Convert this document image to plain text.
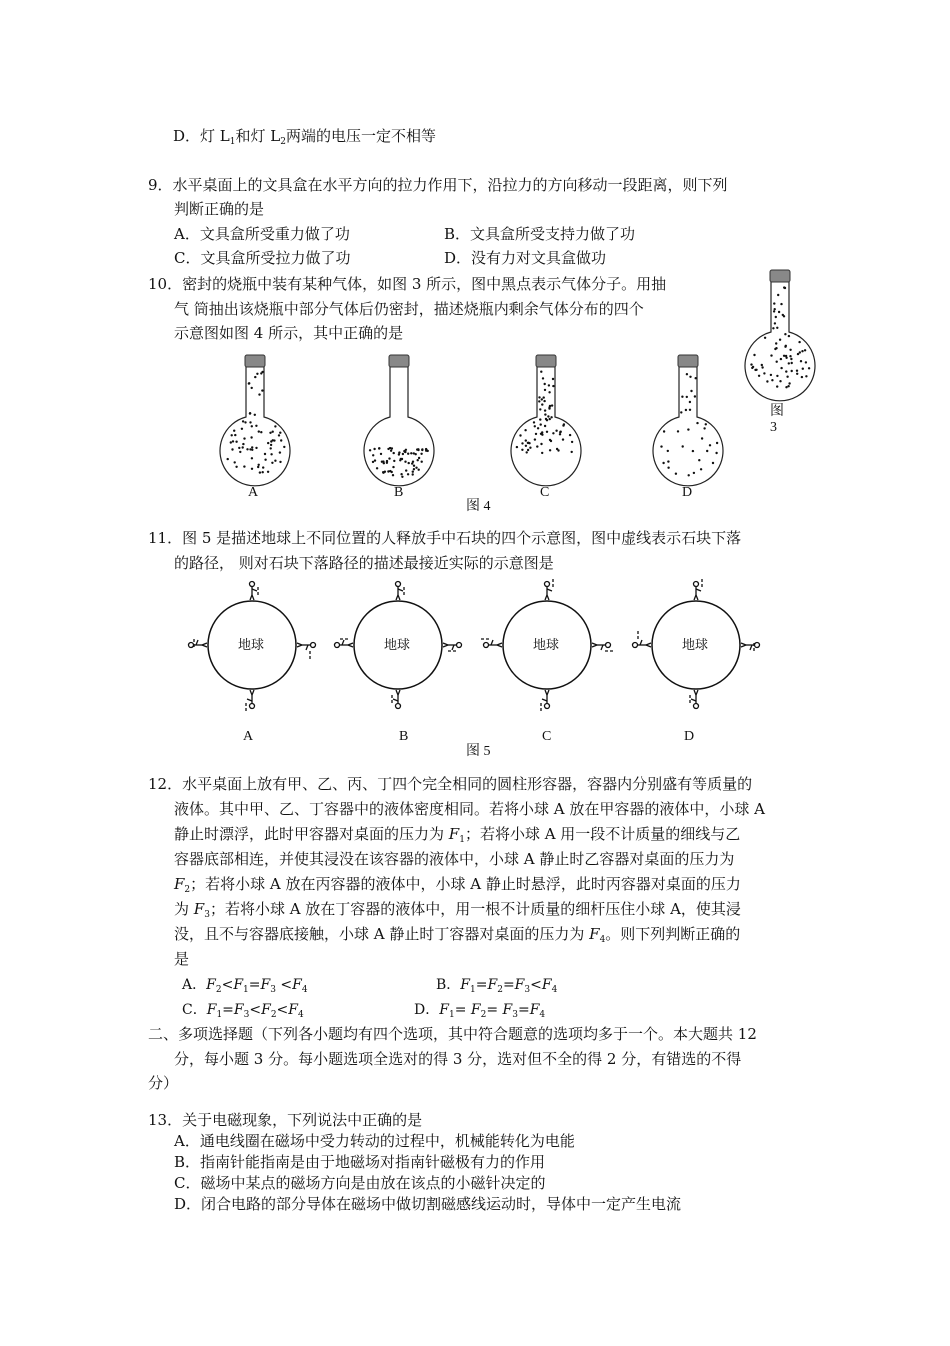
D．灯 $L_1$和灯 $L_2$两端的电压一定不相等
9．水平桌面上的文具盒在水平方向的拉力作用下，沿拉力的方向移动一段距离，则下列
判断正确的是
A．文具盒所受重力做了功	B．文具盒所受支持力做了功
C．文具盒所受拉力做了功	D．没有力对文具盒做功
10．密封的烧瓶中装有某种气体，如图 3 所示，图中黑点表示气体分子。用抽
气 筒抽出该烧瓶中部分气体后仍密封，描述烧瓶内剩余气体分布的四个
示意图如图 4 所示，其中正确的是
图
3
A	B	C	D
图 4
11．图 5 是描述地球上不同位置的人释放手中石块的四个示意图，图中虚线表示石块下落
的路径， 则对石块下落路径的描述最接近实际的示意图是
地球	地球	地球	地球
A	B	C	D
图 5
12．水平桌面上放有甲、乙、丙、丁四个完全相同的圆柱形容器，容器内分别盛有等质量的
液体。其中甲、乙、丁容器中的液体密度相同。若将小球 A 放在甲容器的液体中，小球 A
静止时漂浮，此时甲容器对桌面的压力为 $F_1$；若将小球 A 用一段不计质量的细线与乙
容器底部相连，并使其浸没在该容器的液体中，小球 A 静止时乙容器对桌面的压力为
$F_2$；若将小球 A 放在丙容器的液体中，小球 A 静止时悬浮，此时丙容器对桌面的压力
为 $F_3$；若将小球 A 放在丁容器的液体中，用一根不计质量的细杆压住小球 A，使其浸
没，且不与容器底接触，小球 A 静止时丁容器对桌面的压力为 $F_4$。则下列判断正确的
是
A．$F_2<F_1=F_3 <F_4$	B．$F_1=F_2=F_3<F_4$
C．$F_1=F_3<F_2<F_4$	D．$F_1= F_2= F_3=F_4$
二、多项选择题（下列各小题均有四个选项，其中符合题意的选项均多于一个。本大题共 12
分，每小题 3 分。每小题选项全选对的得 3 分，选对但不全的得 2 分，有错选的不得
分）
13．关于电磁现象，下列说法中正确的是
A．通电线圈在磁场中受力转动的过程中，机械能转化为电能
B．指南针能指南是由于地磁场对指南针磁极有力的作用
C．磁场中某点的磁场方向是由放在该点的小磁针决定的
D．闭合电路的部分导体在磁场中做切割磁感线运动时，导体中一定产生电流
